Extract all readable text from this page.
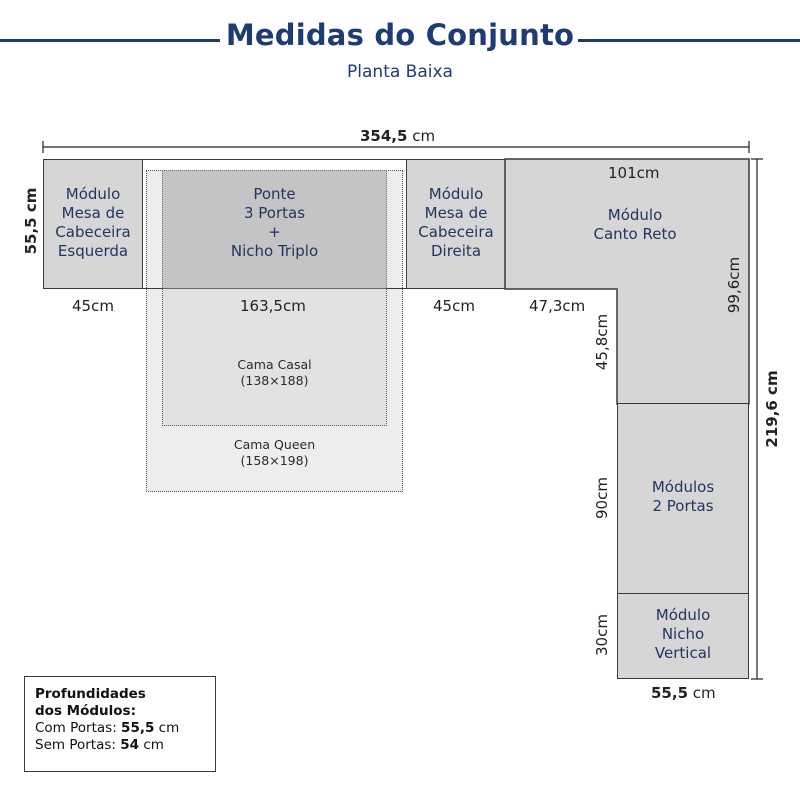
Medidas do Conjunto
Planta Baixa
Módulo
Mesa de
Cabeceira
Esquerda
Ponte
3 Portas
+
Nicho Triplo
Módulo
Mesa de
Cabeceira
Direita
Módulo
Canto Reto
Módulos
2 Portas
Módulo
Nicho
Vertical
Cama Casal
(138×188)
Cama Queen
(158×198)
354,5 cm
55,5 cm
219,6 cm
45cm	163,5cm	45cm	47,3cm
101cm
99,6cm
45,8cm
90cm
30cm
55,5 cm
Profundidades
dos Módulos:
Com Portas: 55,5 cm
Sem Portas: 54 cm
